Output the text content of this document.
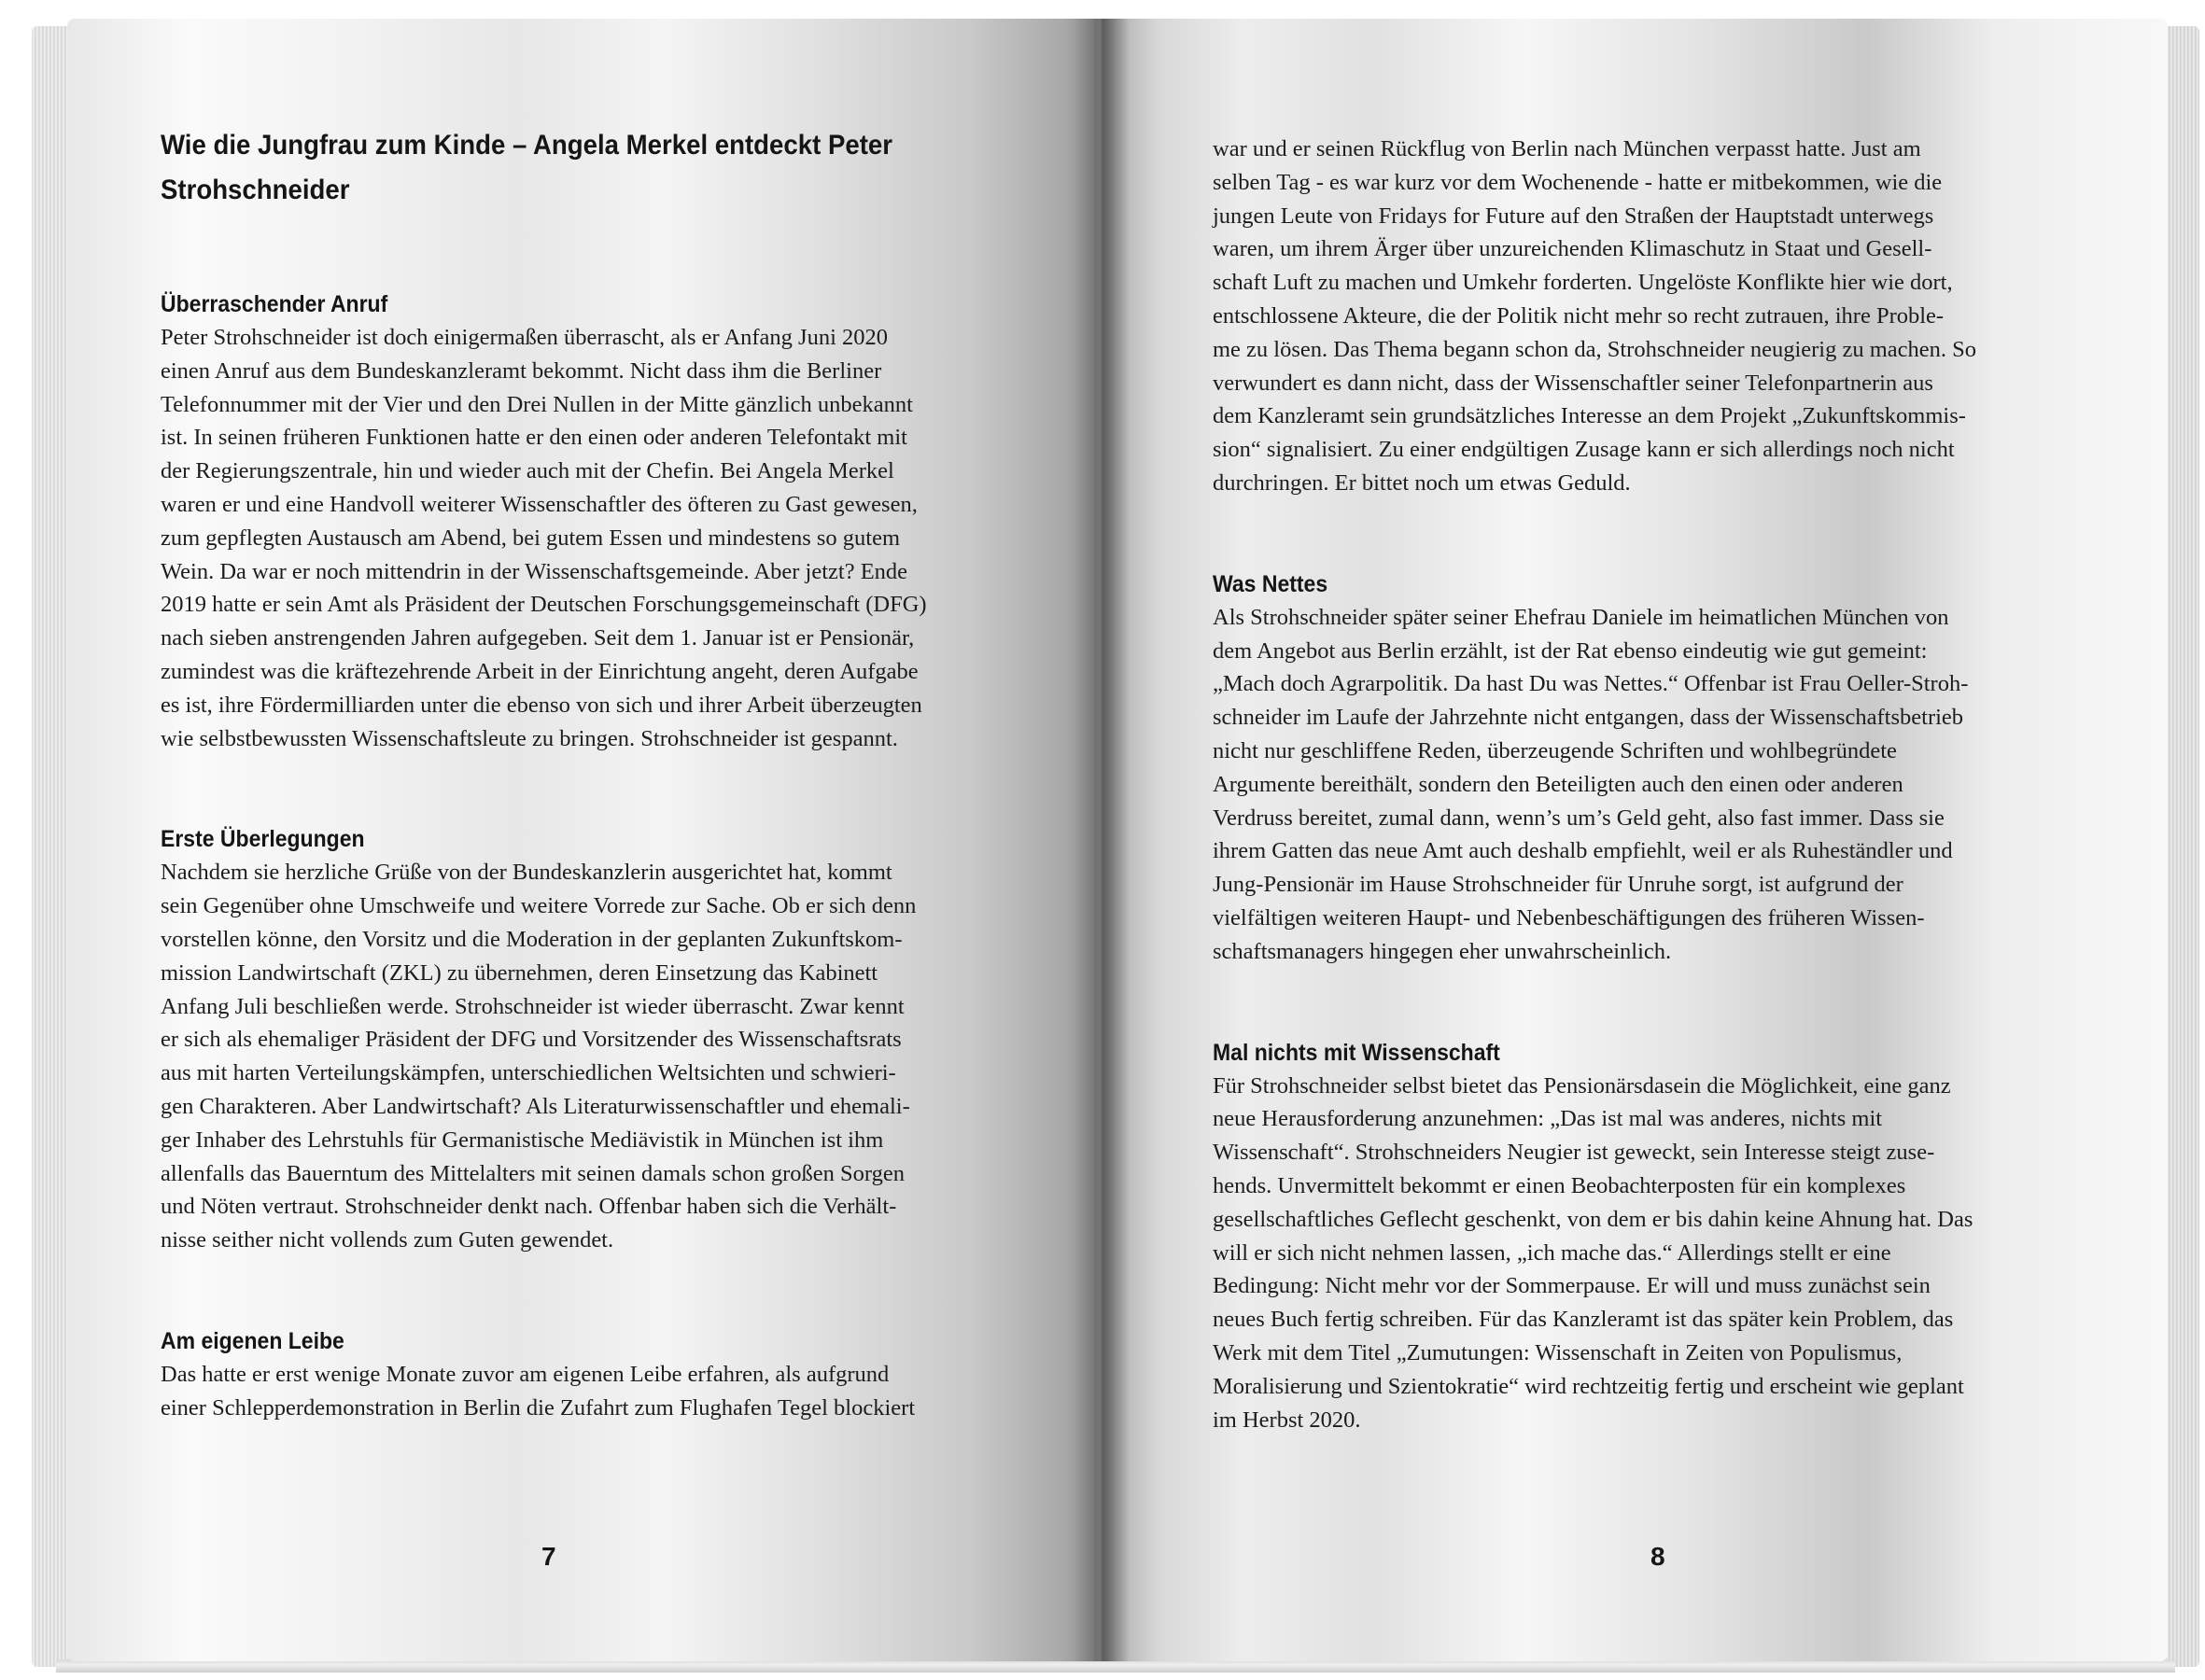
Wie die Jungfrau zum Kinde – Angela Merkel entdeckt Peter
Strohschneider
Überraschender Anruf
Peter Strohschneider ist doch einigermaßen überrascht, als er Anfang Juni 2020
einen Anruf aus dem Bundeskanzleramt bekommt. Nicht dass ihm die Berliner
Telefonnummer mit der Vier und den Drei Nullen in der Mitte gänzlich unbekannt
ist. In seinen früheren Funktionen hatte er den einen oder anderen Telefontakt mit
der Regierungszentrale, hin und wieder auch mit der Chefin. Bei Angela Merkel
waren er und eine Handvoll weiterer Wissenschaftler des öfteren zu Gast gewesen,
zum gepflegten Austausch am Abend, bei gutem Essen und mindestens so gutem
Wein. Da war er noch mittendrin in der Wissenschaftsgemeinde. Aber jetzt? Ende
2019 hatte er sein Amt als Präsident der Deutschen Forschungsgemeinschaft (DFG)
nach sieben anstrengenden Jahren aufgegeben. Seit dem 1. Januar ist er Pensionär,
zumindest was die kräftezehrende Arbeit in der Einrichtung angeht, deren Aufgabe
es ist, ihre Fördermilliarden unter die ebenso von sich und ihrer Arbeit überzeugten
wie selbstbewussten Wissenschaftsleute zu bringen. Strohschneider ist gespannt.
Erste Überlegungen
Nachdem sie herzliche Grüße von der Bundeskanzlerin ausgerichtet hat, kommt
sein Gegenüber ohne Umschweife und weitere Vorrede zur Sache. Ob er sich denn
vorstellen könne, den Vorsitz und die Moderation in der geplanten Zukunftskom-
mission Landwirtschaft (ZKL) zu übernehmen, deren Einsetzung das Kabinett
Anfang Juli beschließen werde. Strohschneider ist wieder überrascht. Zwar kennt
er sich als ehemaliger Präsident der DFG und Vorsitzender des Wissenschaftsrats
aus mit harten Verteilungskämpfen, unterschiedlichen Weltsichten und schwieri-
gen Charakteren. Aber Landwirtschaft? Als Literaturwissenschaftler und ehemali-
ger Inhaber des Lehrstuhls für Germanistische Mediävistik in München ist ihm
allenfalls das Bauerntum des Mittelalters mit seinen damals schon großen Sorgen
und Nöten vertraut. Strohschneider denkt nach. Offenbar haben sich die Verhält-
nisse seither nicht vollends zum Guten gewendet.
Am eigenen Leibe
Das hatte er erst wenige Monate zuvor am eigenen Leibe erfahren, als aufgrund
einer Schlepperdemonstration in Berlin die Zufahrt zum Flughafen Tegel blockiert
war und er seinen Rückflug von Berlin nach München verpasst hatte. Just am
selben Tag - es war kurz vor dem Wochenende - hatte er mitbekommen, wie die
jungen Leute von Fridays for Future auf den Straßen der Hauptstadt unterwegs
waren, um ihrem Ärger über unzureichenden Klimaschutz in Staat und Gesell-
schaft Luft zu machen und Umkehr forderten. Ungelöste Konflikte hier wie dort,
entschlossene Akteure, die der Politik nicht mehr so recht zutrauen, ihre Proble-
me zu lösen. Das Thema begann schon da, Strohschneider neugierig zu machen. So
verwundert es dann nicht, dass der Wissenschaftler seiner Telefonpartnerin aus
dem Kanzleramt sein grundsätzliches Interesse an dem Projekt „Zukunftskommis-
sion“ signalisiert. Zu einer endgültigen Zusage kann er sich allerdings noch nicht
durchringen. Er bittet noch um etwas Geduld.
Was Nettes
Als Strohschneider später seiner Ehefrau Daniele im heimatlichen München von
dem Angebot aus Berlin erzählt, ist der Rat ebenso eindeutig wie gut gemeint:
„Mach doch Agrarpolitik. Da hast Du was Nettes.“ Offenbar ist Frau Oeller-Stroh-
schneider im Laufe der Jahrzehnte nicht entgangen, dass der Wissenschaftsbetrieb
nicht nur geschliffene Reden, überzeugende Schriften und wohlbegründete
Argumente bereithält, sondern den Beteiligten auch den einen oder anderen
Verdruss bereitet, zumal dann, wenn’s um’s Geld geht, also fast immer. Dass sie
ihrem Gatten das neue Amt auch deshalb empfiehlt, weil er als Ruheständler und
Jung-Pensionär im Hause Strohschneider für Unruhe sorgt, ist aufgrund der
vielfältigen weiteren Haupt- und Nebenbeschäftigungen des früheren Wissen-
schaftsmanagers hingegen eher unwahrscheinlich.
Mal nichts mit Wissenschaft
Für Strohschneider selbst bietet das Pensionärsdasein die Möglichkeit, eine ganz
neue Herausforderung anzunehmen: „Das ist mal was anderes, nichts mit
Wissenschaft“. Strohschneiders Neugier ist geweckt, sein Interesse steigt zuse-
hends. Unvermittelt bekommt er einen Beobachterposten für ein komplexes
gesellschaftliches Geflecht geschenkt, von dem er bis dahin keine Ahnung hat. Das
will er sich nicht nehmen lassen, „ich mache das.“ Allerdings stellt er eine
Bedingung: Nicht mehr vor der Sommerpause. Er will und muss zunächst sein
neues Buch fertig schreiben. Für das Kanzleramt ist das später kein Problem, das
Werk mit dem Titel „Zumutungen: Wissenschaft in Zeiten von Populismus,
Moralisierung und Szientokratie“ wird rechtzeitig fertig und erscheint wie geplant
im Herbst 2020.
7	8
